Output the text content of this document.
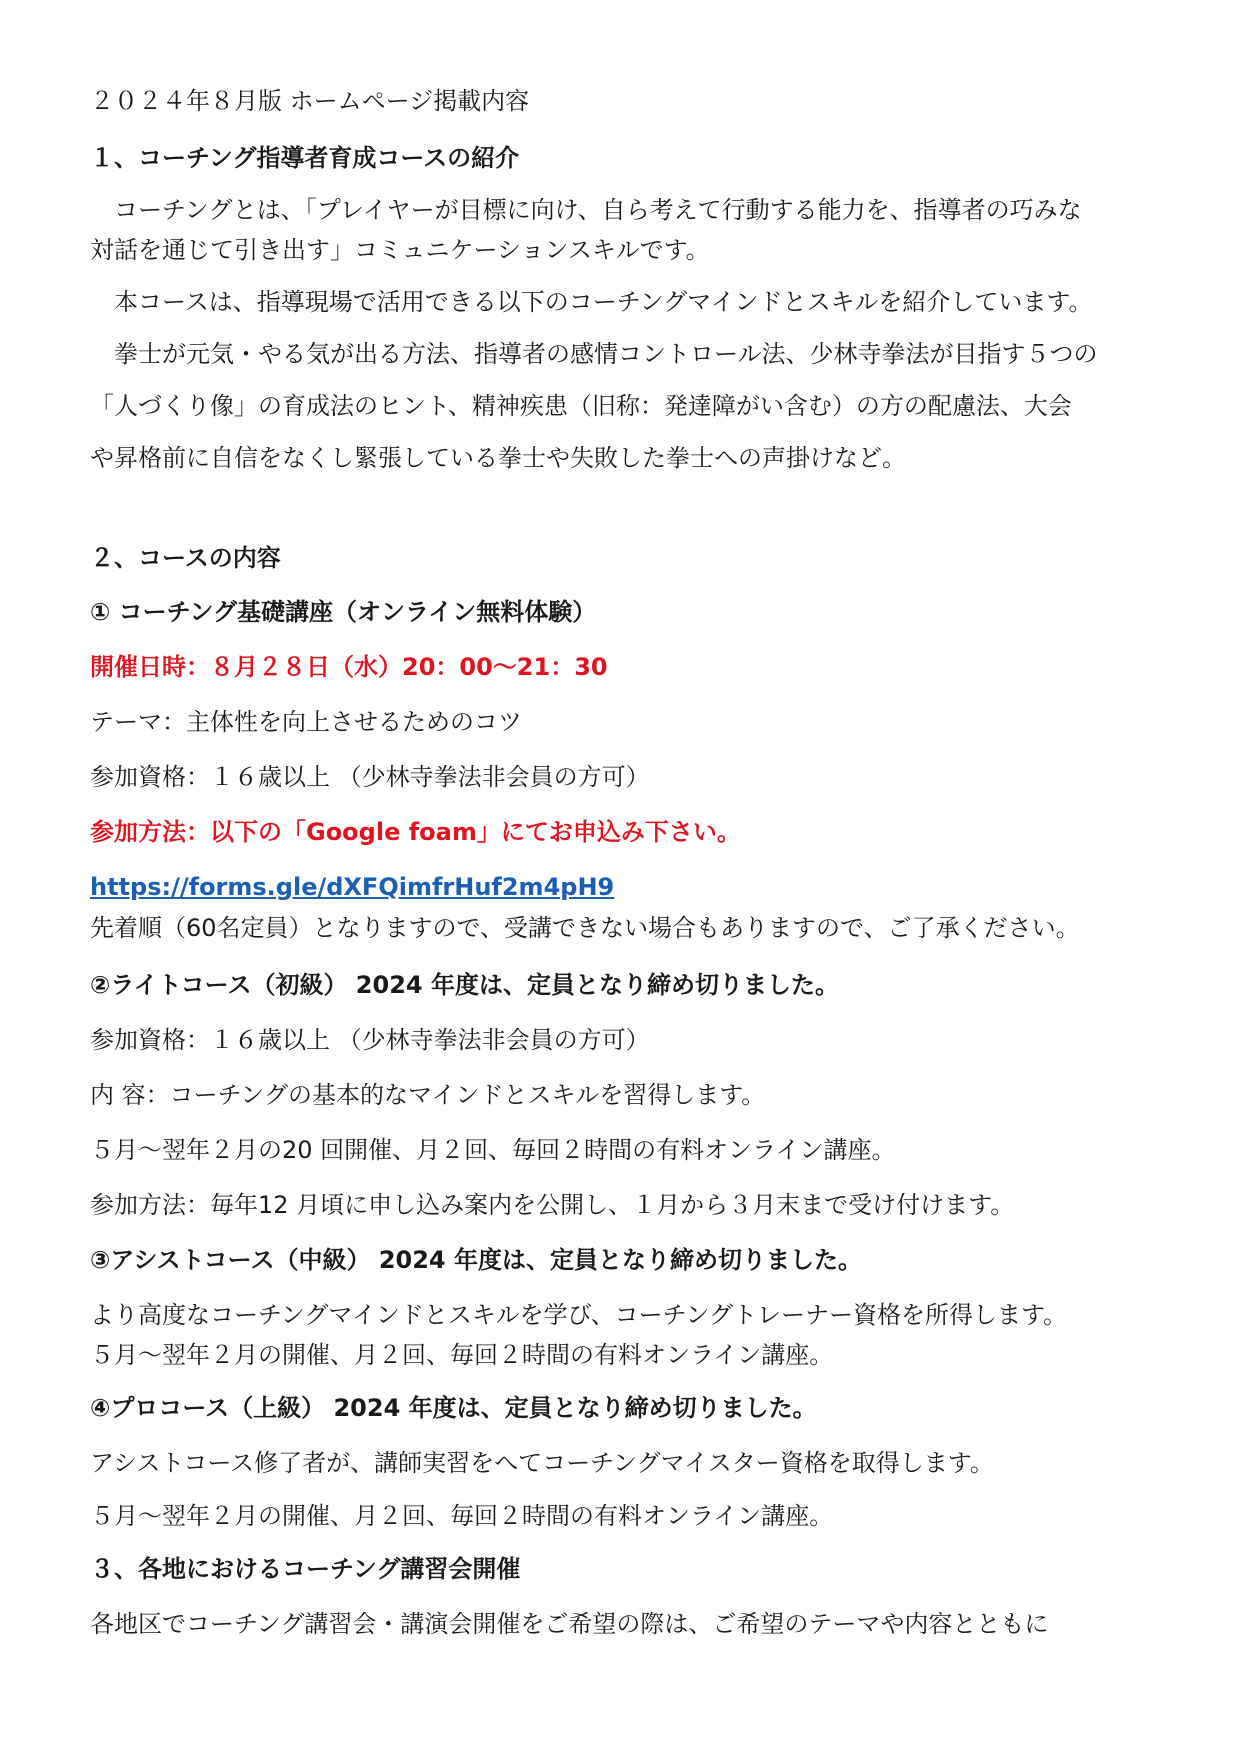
２０２４年８月版 ホームページ掲載内容

１、コーチング指導者育成コースの紹介

　コーチングとは、「プレイヤーが目標に向け、自ら考えて行動する能力を、指導者の巧みな

対話を通じて引き出す」コミュニケーションスキルです。

　本コースは、指導現場で活用できる以下のコーチングマインドとスキルを紹介しています。

　拳士が元気・やる気が出る方法、指導者の感情コントロール法、少林寺拳法が目指す５つの

「人づくり像」の育成法のヒント、精神疾患（旧称：発達障がい含む）の方の配慮法、大会

や昇格前に自信をなくし緊張している拳士や失敗した拳士への声掛けなど。

２、コースの内容

① コーチング基礎講座（オンライン無料体験）

開催日時：８月２８日（水）20：00～21：30

テーマ：主体性を向上させるためのコツ

参加資格：１６歳以上 （少林寺拳法非会員の方可）

参加方法：以下の「Google foam」にてお申込み下さい。

https://forms.gle/dXFQimfrHuf2m4pH9

先着順（60名定員）となりますので、受講できない場合もありますので、ご了承ください。

②ライトコース（初級） 2024 年度は、定員となり締め切りました。

参加資格：１６歳以上 （少林寺拳法非会員の方可）

内 容：コーチングの基本的なマインドとスキルを習得します。

５月～翌年２月の20 回開催、月２回、毎回２時間の有料オンライン講座。

参加方法：毎年12 月頃に申し込み案内を公開し、１月から３月末まで受け付けます。

③アシストコース（中級） 2024 年度は、定員となり締め切りました。

より高度なコーチングマインドとスキルを学び、コーチングトレーナー資格を所得します。

５月～翌年２月の開催、月２回、毎回２時間の有料オンライン講座。

④プロコース（上級） 2024 年度は、定員となり締め切りました。

アシストコース修了者が、講師実習をへてコーチングマイスター資格を取得します。

５月～翌年２月の開催、月２回、毎回２時間の有料オンライン講座。

３、各地におけるコーチング講習会開催

各地区でコーチング講習会・講演会開催をご希望の際は、ご希望のテーマや内容とともに
